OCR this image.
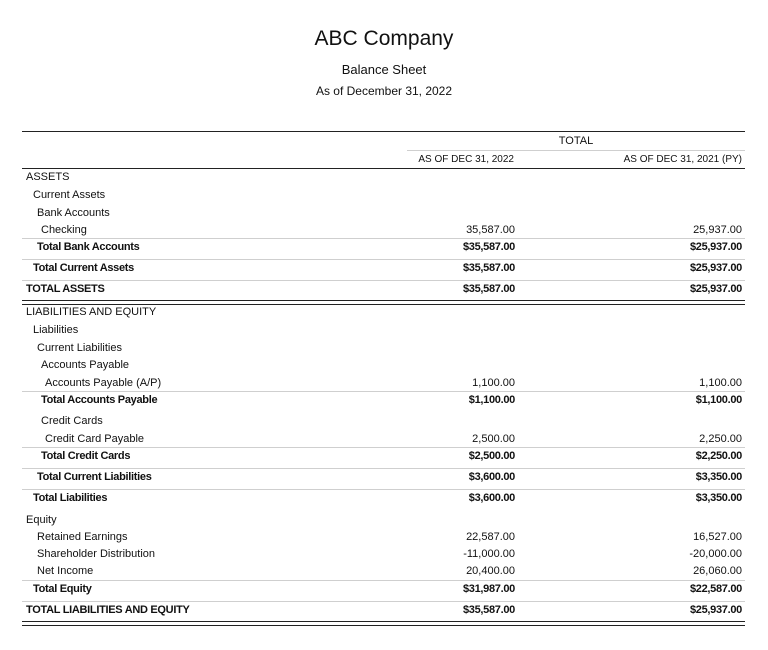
ABC Company
Balance Sheet
As of December 31, 2022
TOTAL
AS OF DEC 31, 2022	AS OF DEC 31, 2021 (PY)
ASSETS
Current Assets
Bank Accounts
Checking	35,587.00	25,937.00
Total Bank Accounts	$35,587.00	$25,937.00
Total Current Assets	$35,587.00	$25,937.00
TOTAL ASSETS	$35,587.00	$25,937.00
LIABILITIES AND EQUITY
Liabilities
Current Liabilities
Accounts Payable
Accounts Payable (A/P)	1,100.00	1,100.00
Total Accounts Payable	$1,100.00	$1,100.00
Credit Cards
Credit Card Payable	2,500.00	2,250.00
Total Credit Cards	$2,500.00	$2,250.00
Total Current Liabilities	$3,600.00	$3,350.00
Total Liabilities	$3,600.00	$3,350.00
Equity
Retained Earnings	22,587.00	16,527.00
Shareholder Distribution	-11,000.00	-20,000.00
Net Income	20,400.00	26,060.00
Total Equity	$31,987.00	$22,587.00
TOTAL LIABILITIES AND EQUITY	$35,587.00	$25,937.00
